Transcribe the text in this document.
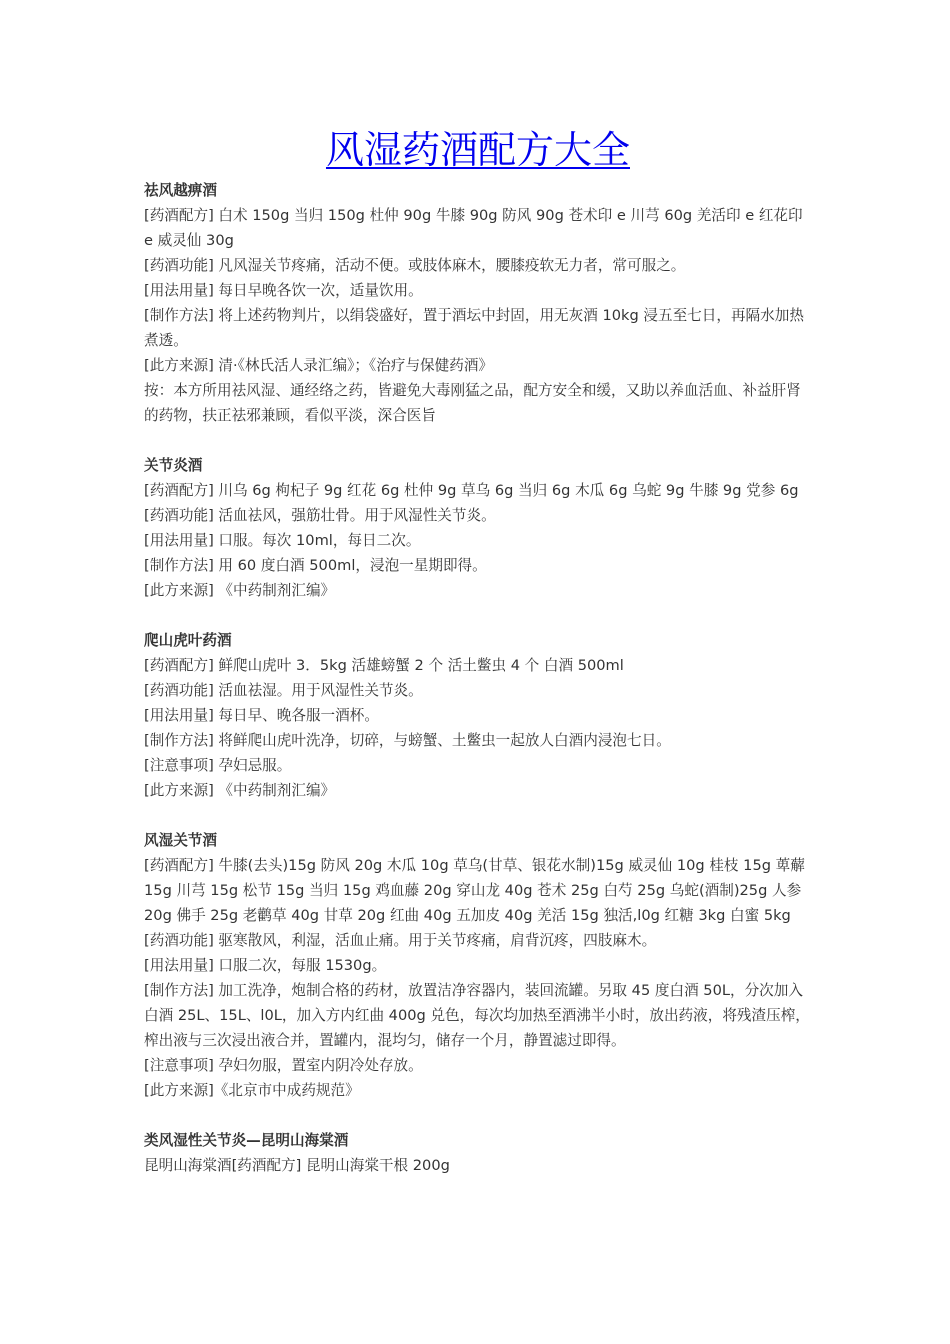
风湿药酒配方大全
祛风越痹酒
[药酒配方] 白术 150g 当归 150g 杜仲 90g 牛膝 90g 防风 90g 苍术印 e 川芎 60g 羌活印 e 红花印 e 威灵仙 30g
[药酒功能] 凡风湿关节疼痛，活动不便。或肢体麻木，腰膝疫软无力者，常可服之。
[用法用量] 每日早晚各饮一次，适量饮用。
[制作方法] 将上述药物判片，以绢袋盛好，置于酒坛中封固，用无灰酒 10kg 浸五至七日，再隔水加热煮透。
[此方来源] 清·《林氏活人录汇编》；《治疗与保健药酒》
按：本方所用祛风湿、通经络之药，皆避免大毒刚猛之品，配方安全和缓，又助以养血活血、补益肝肾的药物，扶正祛邪兼顾，看似平淡，深合医旨
关节炎酒
[药酒配方] 川乌 6g 枸杞子 9g 红花 6g 杜仲 9g 草乌 6g 当归 6g 木瓜 6g 乌蛇 9g 牛膝 9g 党参 6g
[药酒功能] 活血祛风，强筋壮骨。用于风湿性关节炎。
[用法用量] 口服。每次 10ml，每日二次。
[制作方法] 用 60 度白酒 500ml，浸泡一星期即得。
[此方来源] 《中药制剂汇编》
爬山虎叶药酒
[药酒配方] 鲜爬山虎叶 3．5kg 活雄螃蟹 2 个 活土鳖虫 4 个 白酒 500ml
[药酒功能] 活血祛湿。用于风湿性关节炎。
[用法用量] 每日早、晚各服一酒杯。
[制作方法] 将鲜爬山虎叶洗净，切碎，与螃蟹、土鳖虫一起放人白酒内浸泡七日。
[注意事项] 孕妇忌服。
[此方来源] 《中药制剂汇编》
风湿关节酒
[药酒配方] 牛膝(去头)15g 防风 20g 木瓜 10g 草乌(甘草、银花水制)15g 威灵仙 10g 桂枝 15g 萆薢 15g 川芎 15g 松节 15g 当归 15g 鸡血藤 20g 穿山龙 40g 苍术 25g 白芍 25g 乌蛇(酒制)25g 人参 20g 佛手 25g 老鹳草 40g 甘草 20g 红曲 40g 五加皮 40g 羌活 15g 独活,l0g 红糖 3kg 白蜜 5kg
[药酒功能] 驱寒散风，利湿，活血止痛。用于关节疼痛，肩背沉疼，四肢麻木。
[用法用量] 口服二次，每服 1530g。
[制作方法] 加工洗净，炮制合格的药材，放置洁净容器内，装回流罐。另取 45 度白酒 50L，分次加入白酒 25L、15L、l0L，加入方内红曲 400g 兑色，每次均加热至酒沸半小时，放出药液，将残渣压榨，榨出液与三次浸出液合并，置罐内，混均匀，储存一个月，静置滤过即得。
[注意事项] 孕妇勿服，置室内阴冷处存放。
[此方来源]《北京市中成药规范》
类风湿性关节炎—昆明山海棠酒
昆明山海棠酒[药酒配方] 昆明山海棠干根 200g
